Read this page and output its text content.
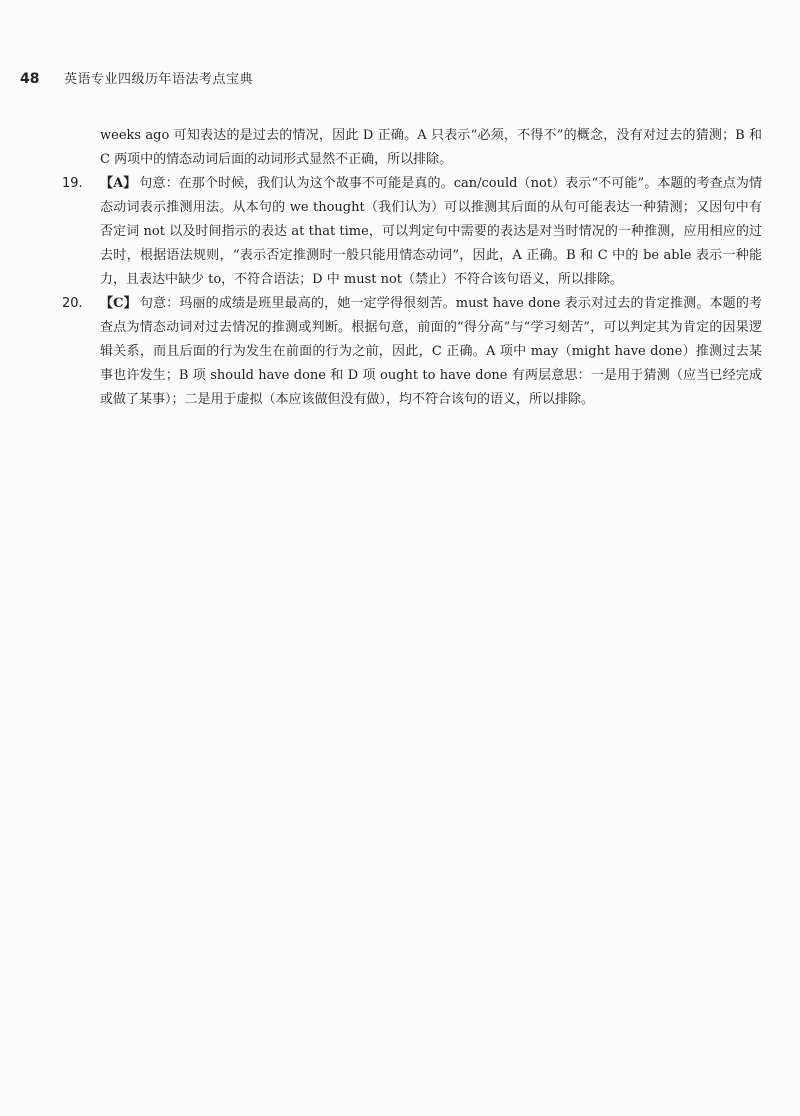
48	英语专业四级历年语法考点宝典

weeks ago 可知表达的是过去的情况，因此 D 正确。A 只表示“必须，不得不”的概念，没有对过去的猜测；B 和 C 两项中的情态动词后面的动词形式显然不正确，所以排除。

19. 【A】 句意：在那个时候，我们认为这个故事不可能是真的。can/could（not）表示“不可能”。本题的考查点为情态动词表示推测用法。从本句的 we thought（我们认为）可以推测其后面的从句可能表达一种猜测；又因句中有否定词 not 以及时间指示的表达 at that time，可以判定句中需要的表达是对当时情况的一种推测，应用相应的过去时，根据语法规则，“表示否定推测时一般只能用情态动词”，因此，A 正确。B 和 C 中的 be able 表示一种能力，且表达中缺少 to，不符合语法；D 中 must not（禁止）不符合该句语义，所以排除。
20. 【C】 句意：玛丽的成绩是班里最高的，她一定学得很刻苦。must have done 表示对过去的肯定推测。本题的考查点为情态动词对过去情况的推测或判断。根据句意，前面的“得分高”与“学习刻苦”，可以判定其为肯定的因果逻辑关系，而且后面的行为发生在前面的行为之前，因此，C 正确。A 项中 may（might have done）推测过去某事也许发生；B 项 should have done 和 D 项 ought to have done 有两层意思：一是用于猜测（应当已经完成或做了某事）；二是用于虚拟（本应该做但没有做），均不符合该句的语义，所以排除。
